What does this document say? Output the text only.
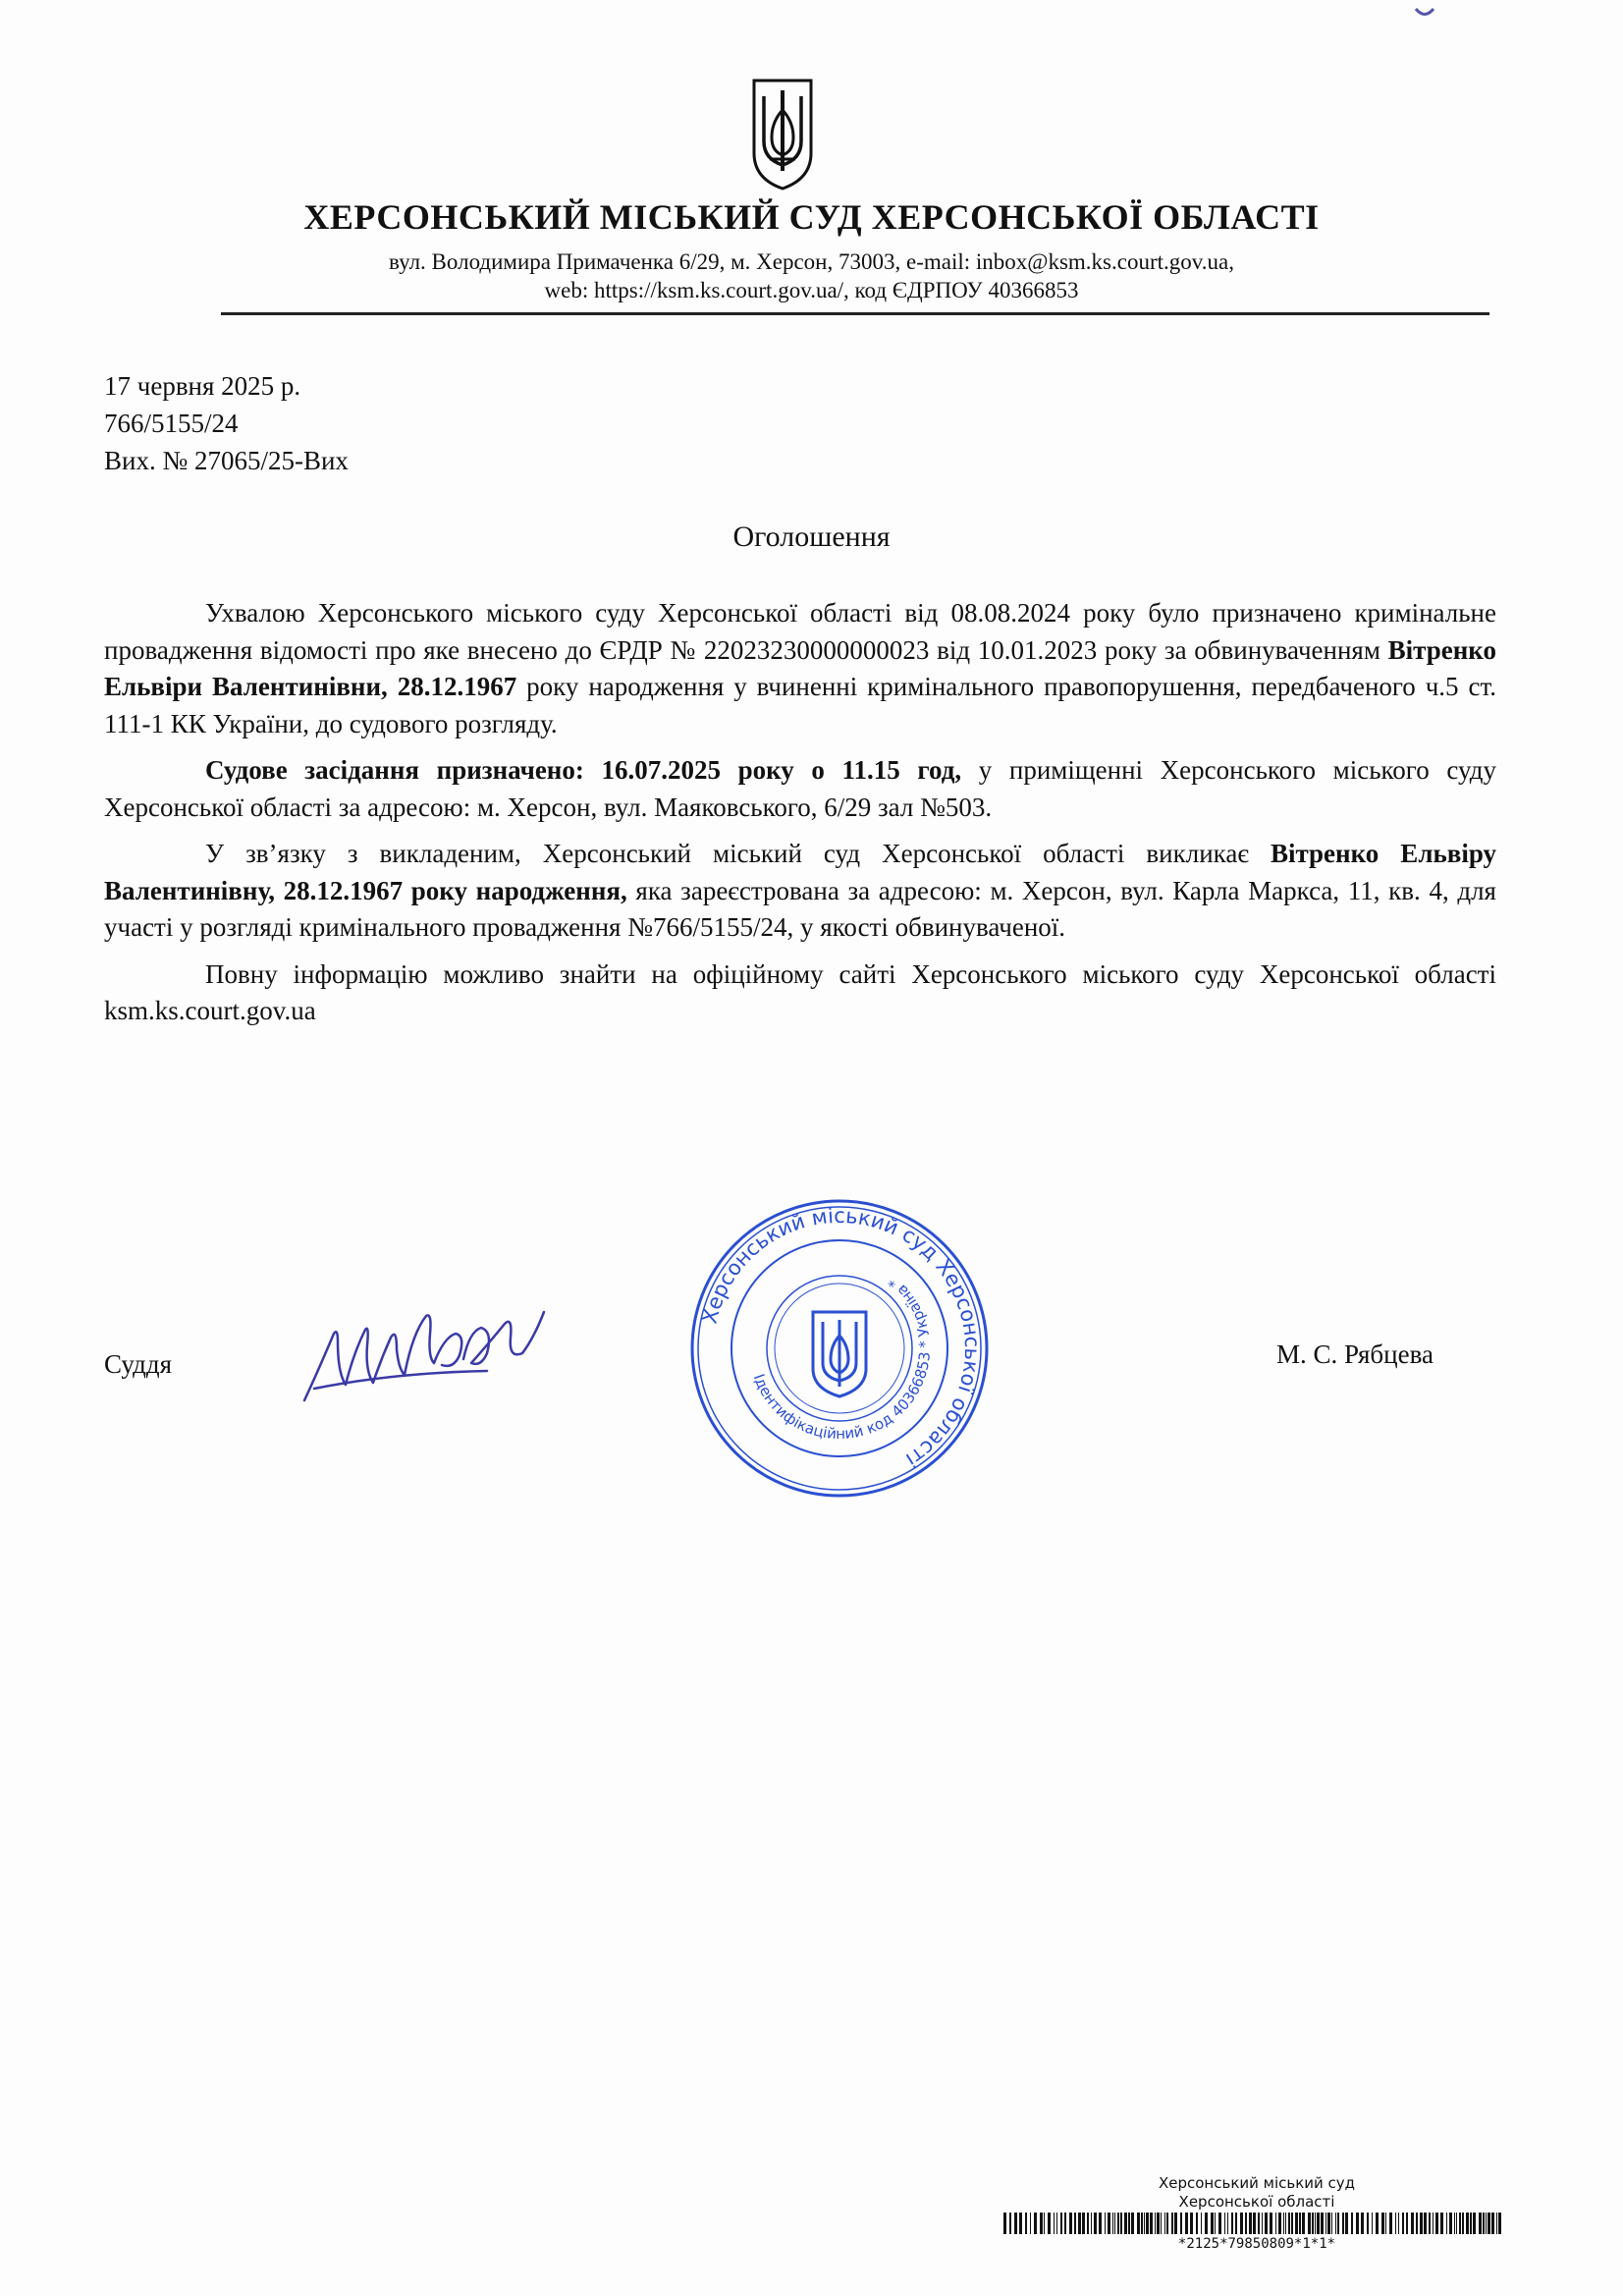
ХЕРСОНСЬКИЙ МІСЬКИЙ СУД ХЕРСОНСЬКОЇ ОБЛАСТІ
вул. Володимира Примаченка 6/29, м. Херсон, 73003, e-mail: inbox@ksm.ks.court.gov.ua,
web: https://ksm.ks.court.gov.ua/, код ЄДРПОУ 40366853
17 червня 2025 р.
766/5155/24
Вих. № 27065/25-Вих
Оголошення

Ухвалою Херсонського міського суду Херсонської області від 08.08.2024 року було призначено кримінальне провадження відомості про яке внесено до ЄРДР № 22023230000000023 від 10.01.2023 року за обвинуваченням Вітренко Ельвіри Валентинівни, 28.12.1967 року народження у вчиненні кримінального правопорушення, передбаченого ч.5 ст. 111-1 КК України, до судового розгляду.

Судове засідання призначено: 16.07.2025 року о 11.15 год, у приміщенні Херсонського міського суду Херсонської області за адресою: м. Херсон, вул. Маяковського, 6/29 зал №503.

У зв’язку з викладеним, Херсонський міський суд Херсонської області викликає Вітренко Ельвіру Валентинівну, 28.12.1967 року народження, яка зареєстрована за адресою: м. Херсон, вул. Карла Маркса, 11, кв. 4, для участі у розгляді кримінального провадження №766/5155/24, у якості обвинуваченої.

Повну інформацію можливо знайти на офіційному сайті Херсонського міського суду Херсонської області ksm.ks.court.gov.ua

Суддя
Херсонський міський суд Херсонської області
Ідентифікаційний код 40366853 * Україна *
М. С. Рябцева
Херсонський міський суд
Херсонської області
*2125*79850809*1*1*
